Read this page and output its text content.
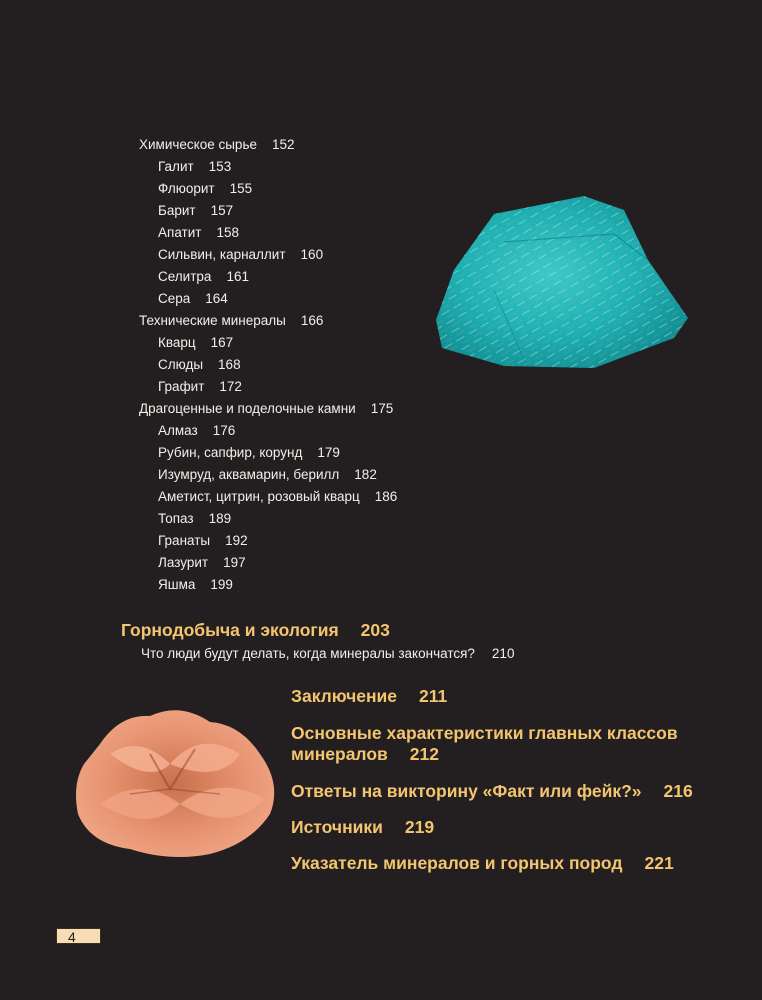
Химическое сырье 152
Галит 153
Флюорит 155
Барит 157
Апатит 158
Сильвин, карналлит 160
Селитра 161
Сера 164
Технические минералы 166
Кварц 167
Слюды 168
Графит 172
Драгоценные и поделочные камни 175
Алмаз 176
Рубин, сапфир, корунд 179
Изумруд, аквамарин, берилл 182
Аметист, цитрин, розовый кварц 186
Топаз 189
Гранаты 192
Лазурит 197
Яшма 199
Горнодобыча и экология 203
Что люди будут делать, когда минералы закончатся? 210
Заключение 211
Основные характеристики главных классов
минералов 212
Ответы на викторину «Факт или фейк?» 216
Источники 219
Указатель минералов и горных пород 221
4
